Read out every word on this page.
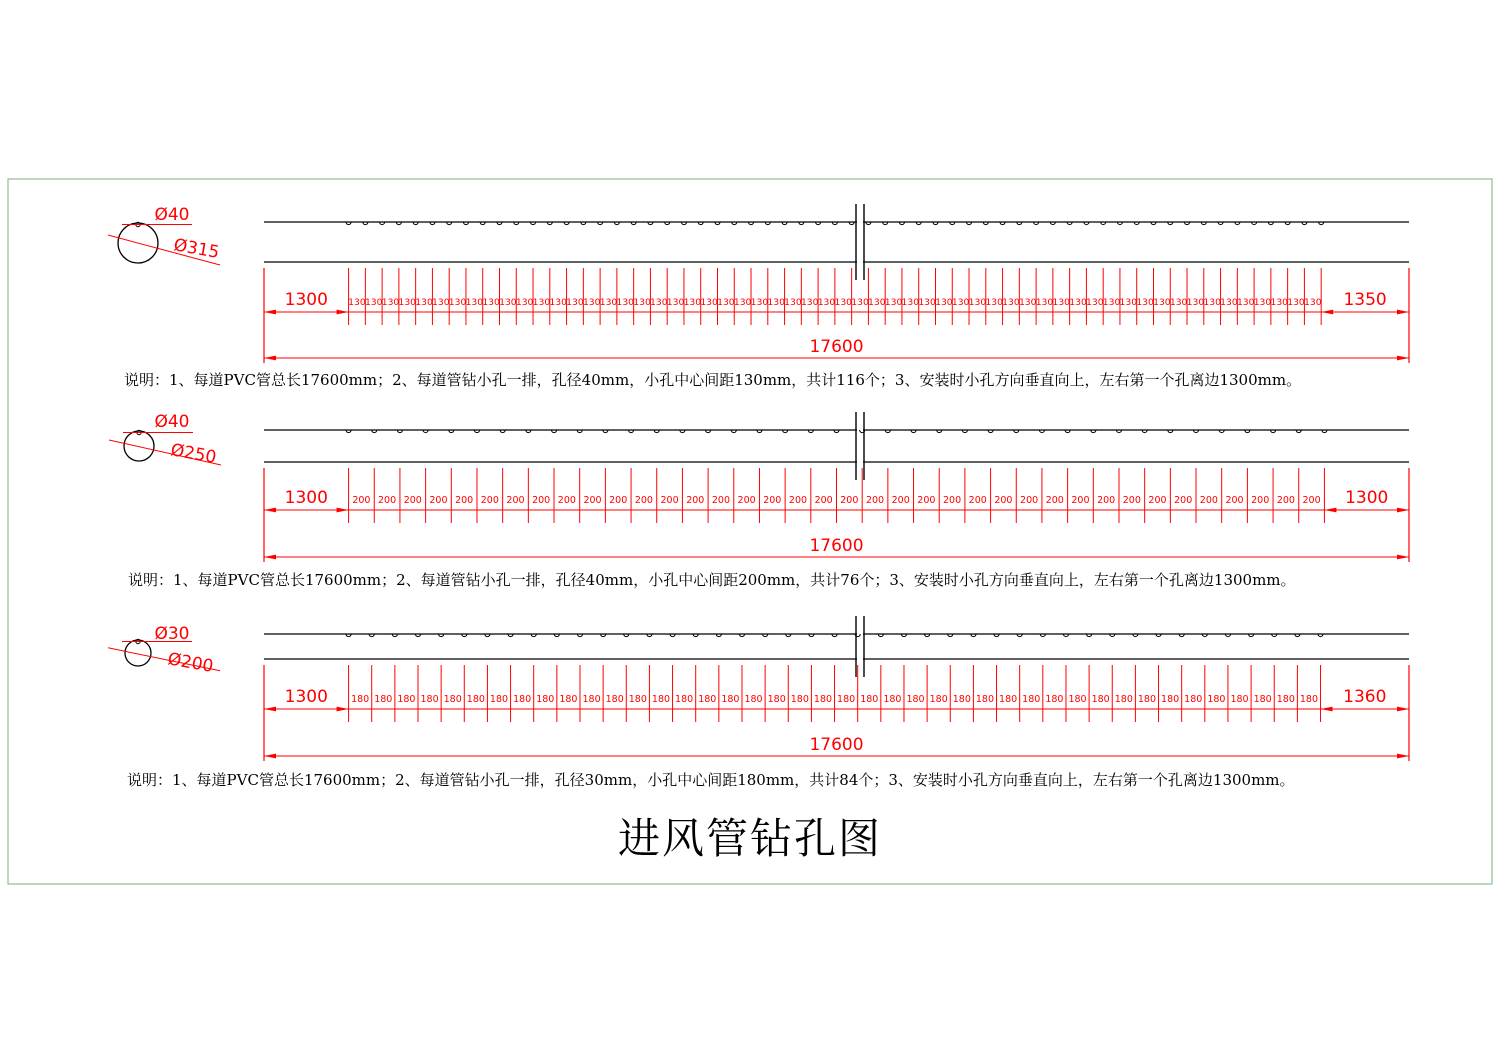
1300	1350
130 130 130 130 130 130 130 130 130 130 130 130 130 130 130 130 130 130 130 130 130 130 130 130 130 130 130 130 130 130 130 130 130 130 130 130 130 130 130 130 130 130 130 130 130 130 130 130 130 130 130 130 130 130 130 130 130 130
17600
Ø40
Ø315
1300	1300
200 200 200 200 200 200 200 200 200 200 200 200 200 200 200 200 200 200 200 200 200 200 200 200 200 200 200 200 200 200 200 200 200 200 200 200 200 200
17600
Ø40
Ø250
1300	1360
180 180 180 180 180 180 180 180 180 180 180 180 180 180 180 180 180 180 180 180 180 180 180 180 180 180 180 180 180 180 180 180 180 180 180 180 180 180 180 180 180 180
17600
Ø30
Ø200
说明：1、每道PVC管总长17600mm；2、每道管钻小孔一排，孔径40mm，小孔中心间距130mm，共计116个；3、安装时小孔方向垂直向上，左右第一个孔离边1300mm。
说明：1、每道PVC管总长17600mm；2、每道管钻小孔一排，孔径40mm，小孔中心间距200mm，共计76个；3、安装时小孔方向垂直向上，左右第一个孔离边1300mm。
说明：1、每道PVC管总长17600mm；2、每道管钻小孔一排，孔径30mm，小孔中心间距180mm，共计84个；3、安装时小孔方向垂直向上，左右第一个孔离边1300mm。
进风管钻孔图
